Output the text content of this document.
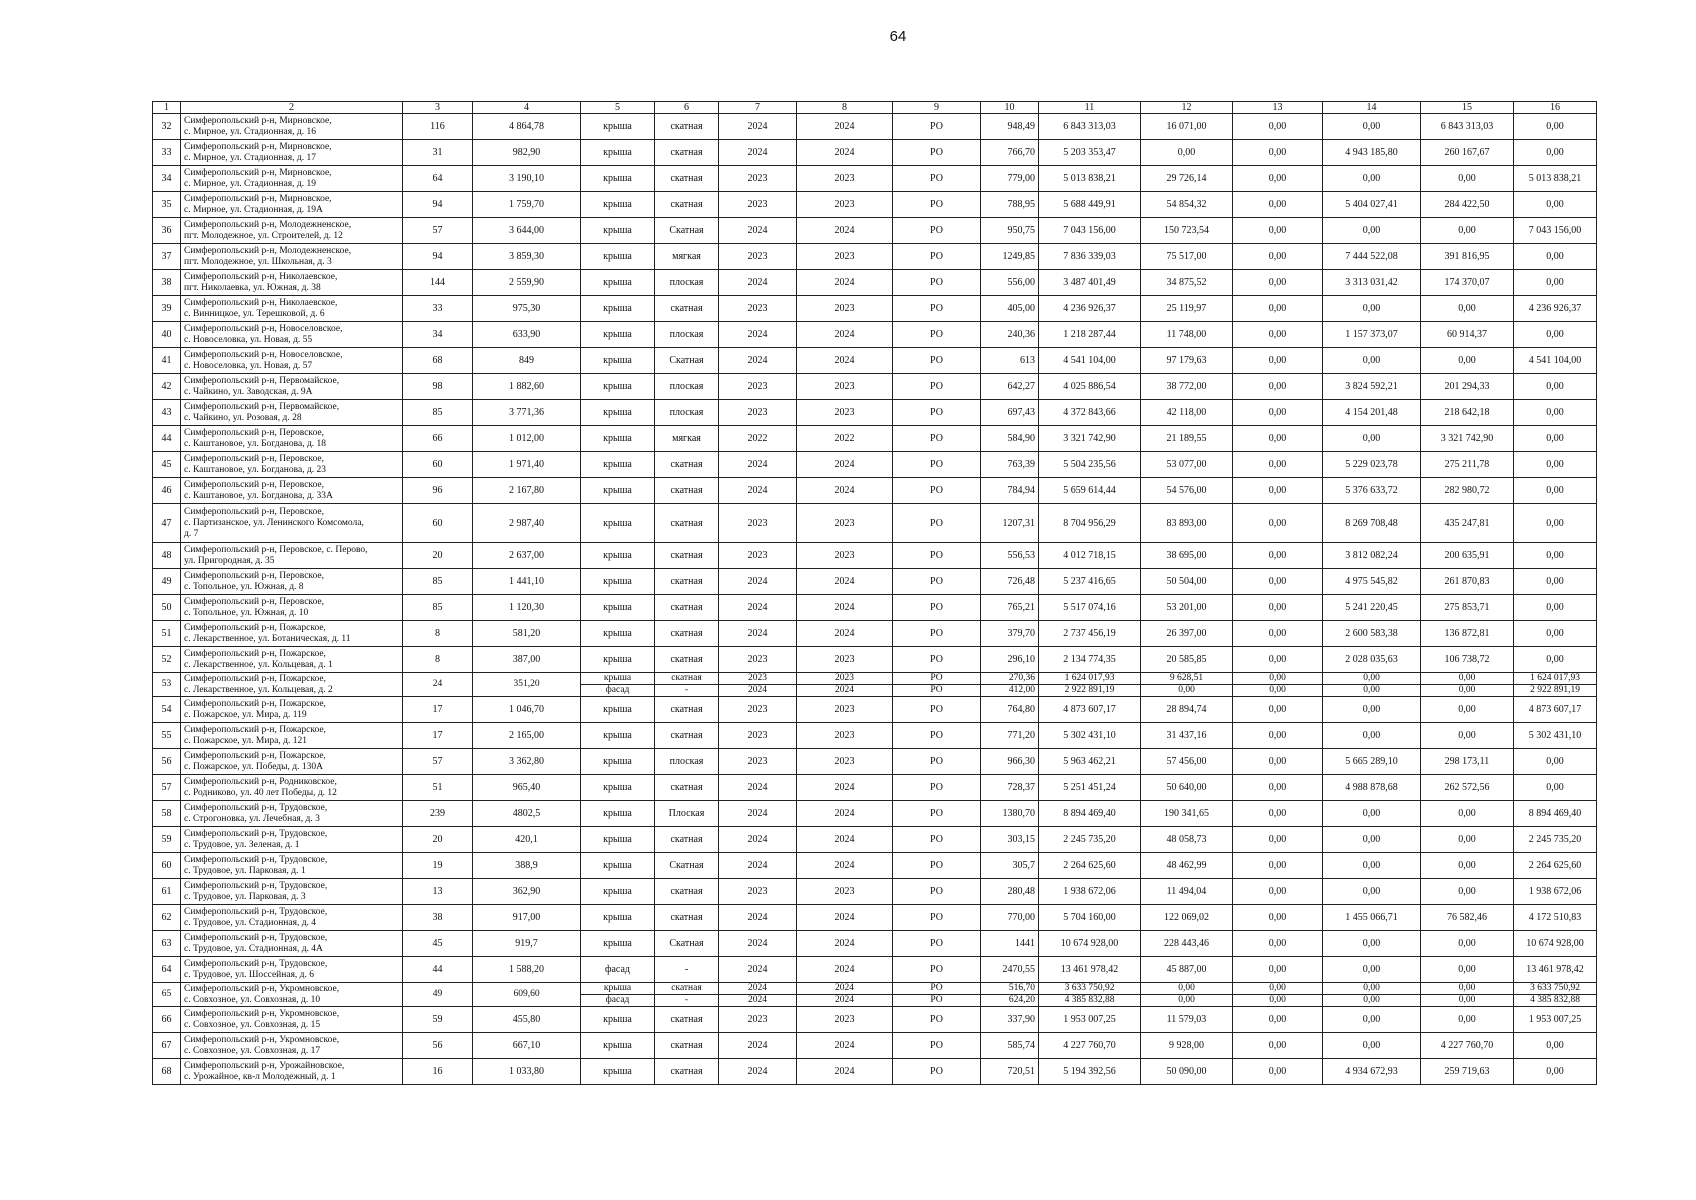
64
1	2	3	4	5	6	7	8	9	10	11	12	13	14	15	16
32	Симферопольский р-н, Мирновское,
с. Мирное, ул. Стадионная, д. 16	116	4 864,78	крыша	скатная	2024	2024	РО	948,49	6 843 313,03	16 071,00	0,00	0,00	6 843 313,03	0,00
33	Симферопольский р-н, Мирновское,
с. Мирное, ул. Стадионная, д. 17	31	982,90	крыша	скатная	2024	2024	РО	766,70	5 203 353,47	0,00	0,00	4 943 185,80	260 167,67	0,00
34	Симферопольский р-н, Мирновское,
с. Мирное, ул. Стадионная, д. 19	64	3 190,10	крыша	скатная	2023	2023	РО	779,00	5 013 838,21	29 726,14	0,00	0,00	0,00	5 013 838,21
35	Симферопольский р-н, Мирновское,
с. Мирное, ул. Стадионная, д. 19А	94	1 759,70	крыша	скатная	2023	2023	РО	788,95	5 688 449,91	54 854,32	0,00	5 404 027,41	284 422,50	0,00
36	Симферопольский р-н, Молодежненское,
пгт. Молодежное, ул. Строителей, д. 12	57	3 644,00	крыша	Скатная	2024	2024	РО	950,75	7 043 156,00	150 723,54	0,00	0,00	0,00	7 043 156,00
37	Симферопольский р-н, Молодежненское,
пгт. Молодежное, ул. Школьная, д. 3	94	3 859,30	крыша	мягкая	2023	2023	РО	1249,85	7 836 339,03	75 517,00	0,00	7 444 522,08	391 816,95	0,00
38	Симферопольский р-н, Николаевское,
пгт. Николаевка, ул. Южная, д. 38	144	2 559,90	крыша	плоская	2024	2024	РО	556,00	3 487 401,49	34 875,52	0,00	3 313 031,42	174 370,07	0,00
39	Симферопольский р-н, Николаевское,
с. Винницкое, ул. Терешковой, д. 6	33	975,30	крыша	скатная	2023	2023	РО	405,00	4 236 926,37	25 119,97	0,00	0,00	0,00	4 236 926,37
40	Симферопольский р-н, Новоселовское,
с. Новоселовка, ул. Новая, д. 55	34	633,90	крыша	плоская	2024	2024	РО	240,36	1 218 287,44	11 748,00	0,00	1 157 373,07	60 914,37	0,00
41	Симферопольский р-н, Новоселовское,
с. Новоселовка, ул. Новая, д. 57	68	849	крыша	Скатная	2024	2024	РО	613	4 541 104,00	97 179,63	0,00	0,00	0,00	4 541 104,00
42	Симферопольский р-н, Первомайское,
с. Чайкино, ул. Заводская, д. 9А	98	1 882,60	крыша	плоская	2023	2023	РО	642,27	4 025 886,54	38 772,00	0,00	3 824 592,21	201 294,33	0,00
43	Симферопольский р-н, Первомайское,
с. Чайкино, ул. Розовая, д. 28	85	3 771,36	крыша	плоская	2023	2023	РО	697,43	4 372 843,66	42 118,00	0,00	4 154 201,48	218 642,18	0,00
44	Симферопольский р-н, Перовское,
с. Каштановое, ул. Богданова, д. 18	66	1 012,00	крыша	мягкая	2022	2022	РО	584,90	3 321 742,90	21 189,55	0,00	0,00	3 321 742,90	0,00
45	Симферопольский р-н, Перовское,
с. Каштановое, ул. Богданова, д. 23	60	1 971,40	крыша	скатная	2024	2024	РО	763,39	5 504 235,56	53 077,00	0,00	5 229 023,78	275 211,78	0,00
46	Симферопольский р-н, Перовское,
с. Каштановое, ул. Богданова, д. 33А	96	2 167,80	крыша	скатная	2024	2024	РО	784,94	5 659 614,44	54 576,00	0,00	5 376 633,72	282 980,72	0,00
47	Симферопольский р-н, Перовское,
с. Партизанское, ул. Ленинского Комсомола,
д. 7	60	2 987,40	крыша	скатная	2023	2023	РО	1207,31	8 704 956,29	83 893,00	0,00	8 269 708,48	435 247,81	0,00
48	Симферопольский р-н, Перовское, с. Перово,
ул. Пригородная, д. 35	20	2 637,00	крыша	скатная	2023	2023	РО	556,53	4 012 718,15	38 695,00	0,00	3 812 082,24	200 635,91	0,00
49	Симферопольский р-н, Перовское,
с. Топольное, ул. Южная, д. 8	85	1 441,10	крыша	скатная	2024	2024	РО	726,48	5 237 416,65	50 504,00	0,00	4 975 545,82	261 870,83	0,00
50	Симферопольский р-н, Перовское,
с. Топольное, ул. Южная, д. 10	85	1 120,30	крыша	скатная	2024	2024	РО	765,21	5 517 074,16	53 201,00	0,00	5 241 220,45	275 853,71	0,00
51	Симферопольский р-н, Пожарское,
с. Лекарственное, ул. Ботаническая, д. 11	8	581,20	крыша	скатная	2024	2024	РО	379,70	2 737 456,19	26 397,00	0,00	2 600 583,38	136 872,81	0,00
52	Симферопольский р-н, Пожарское,
с. Лекарственное, ул. Кольцевая, д. 1	8	387,00	крыша	скатная	2023	2023	РО	296,10	2 134 774,35	20 585,85	0,00	2 028 035,63	106 738,72	0,00
53	Симферопольский р-н, Пожарское,
с. Лекарственное, ул. Кольцевая, д. 2	24	351,20	крыша	скатная	2023	2023	РО	270,36	1 624 017,93	9 628,51	0,00	0,00	0,00	1 624 017,93
				фасад	-	2024	2024	РО	412,00	2 922 891,19	0,00	0,00	0,00	0,00	2 922 891,19
54	Симферопольский р-н, Пожарское,
с. Пожарское, ул. Мира, д. 119	17	1 046,70	крыша	скатная	2023	2023	РО	764,80	4 873 607,17	28 894,74	0,00	0,00	0,00	4 873 607,17
55	Симферопольский р-н, Пожарское,
с. Пожарское, ул. Мира, д. 121	17	2 165,00	крыша	скатная	2023	2023	РО	771,20	5 302 431,10	31 437,16	0,00	0,00	0,00	5 302 431,10
56	Симферопольский р-н, Пожарское,
с. Пожарское, ул. Победы, д. 130А	57	3 362,80	крыша	плоская	2023	2023	РО	966,30	5 963 462,21	57 456,00	0,00	5 665 289,10	298 173,11	0,00
57	Симферопольский р-н, Родниковское,
с. Родниково, ул. 40 лет Победы, д. 12	51	965,40	крыша	скатная	2024	2024	РО	728,37	5 251 451,24	50 640,00	0,00	4 988 878,68	262 572,56	0,00
58	Симферопольский р-н, Трудовское,
с. Строгоновка, ул. Лечебная, д. 3	239	4802,5	крыша	Плоская	2024	2024	РО	1380,70	8 894 469,40	190 341,65	0,00	0,00	0,00	8 894 469,40
59	Симферопольский р-н, Трудовское,
с. Трудовое, ул. Зеленая, д. 1	20	420,1	крыша	скатная	2024	2024	РО	303,15	2 245 735,20	48 058,73	0,00	0,00	0,00	2 245 735,20
60	Симферопольский р-н, Трудовское,
с. Трудовое, ул. Парковая, д. 1	19	388,9	крыша	Скатная	2024	2024	РО	305,7	2 264 625,60	48 462,99	0,00	0,00	0,00	2 264 625,60
61	Симферопольский р-н, Трудовское,
с. Трудовое, ул. Парковая, д. 3	13	362,90	крыша	скатная	2023	2023	РО	280,48	1 938 672,06	11 494,04	0,00	0,00	0,00	1 938 672,06
62	Симферопольский р-н, Трудовское,
с. Трудовое, ул. Стадионная, д. 4	38	917,00	крыша	скатная	2024	2024	РО	770,00	5 704 160,00	122 069,02	0,00	1 455 066,71	76 582,46	4 172 510,83
63	Симферопольский р-н, Трудовское,
с. Трудовое, ул. Стадионная, д. 4А	45	919,7	крыша	Скатная	2024	2024	РО	1441	10 674 928,00	228 443,46	0,00	0,00	0,00	10 674 928,00
64	Симферопольский р-н, Трудовское,
с. Трудовое, ул. Шоссейная, д. 6	44	1 588,20	фасад	-	2024	2024	РО	2470,55	13 461 978,42	45 887,00	0,00	0,00	0,00	13 461 978,42
65	Симферопольский р-н, Укромновское,
с. Совхозное, ул. Совхозная, д. 10	49	609,60	крыша	скатная	2024	2024	РО	516,70	3 633 750,92	0,00	0,00	0,00	0,00	3 633 750,92
				фасад	-	2024	2024	РО	624,20	4 385 832,88	0,00	0,00	0,00	0,00	4 385 832,88
66	Симферопольский р-н, Укромновское,
с. Совхозное, ул. Совхозная, д. 15	59	455,80	крыша	скатная	2023	2023	РО	337,90	1 953 007,25	11 579,03	0,00	0,00	0,00	1 953 007,25
67	Симферопольский р-н, Укромновское,
с. Совхозное, ул. Совхозная, д. 17	56	667,10	крыша	скатная	2024	2024	РО	585,74	4 227 760,70	9 928,00	0,00	0,00	4 227 760,70	0,00
68	Симферопольский р-н, Урожайновское,
с. Урожайное, кв-л Молодежный, д. 1	16	1 033,80	крыша	скатная	2024	2024	РО	720,51	5 194 392,56	50 090,00	0,00	4 934 672,93	259 719,63	0,00
